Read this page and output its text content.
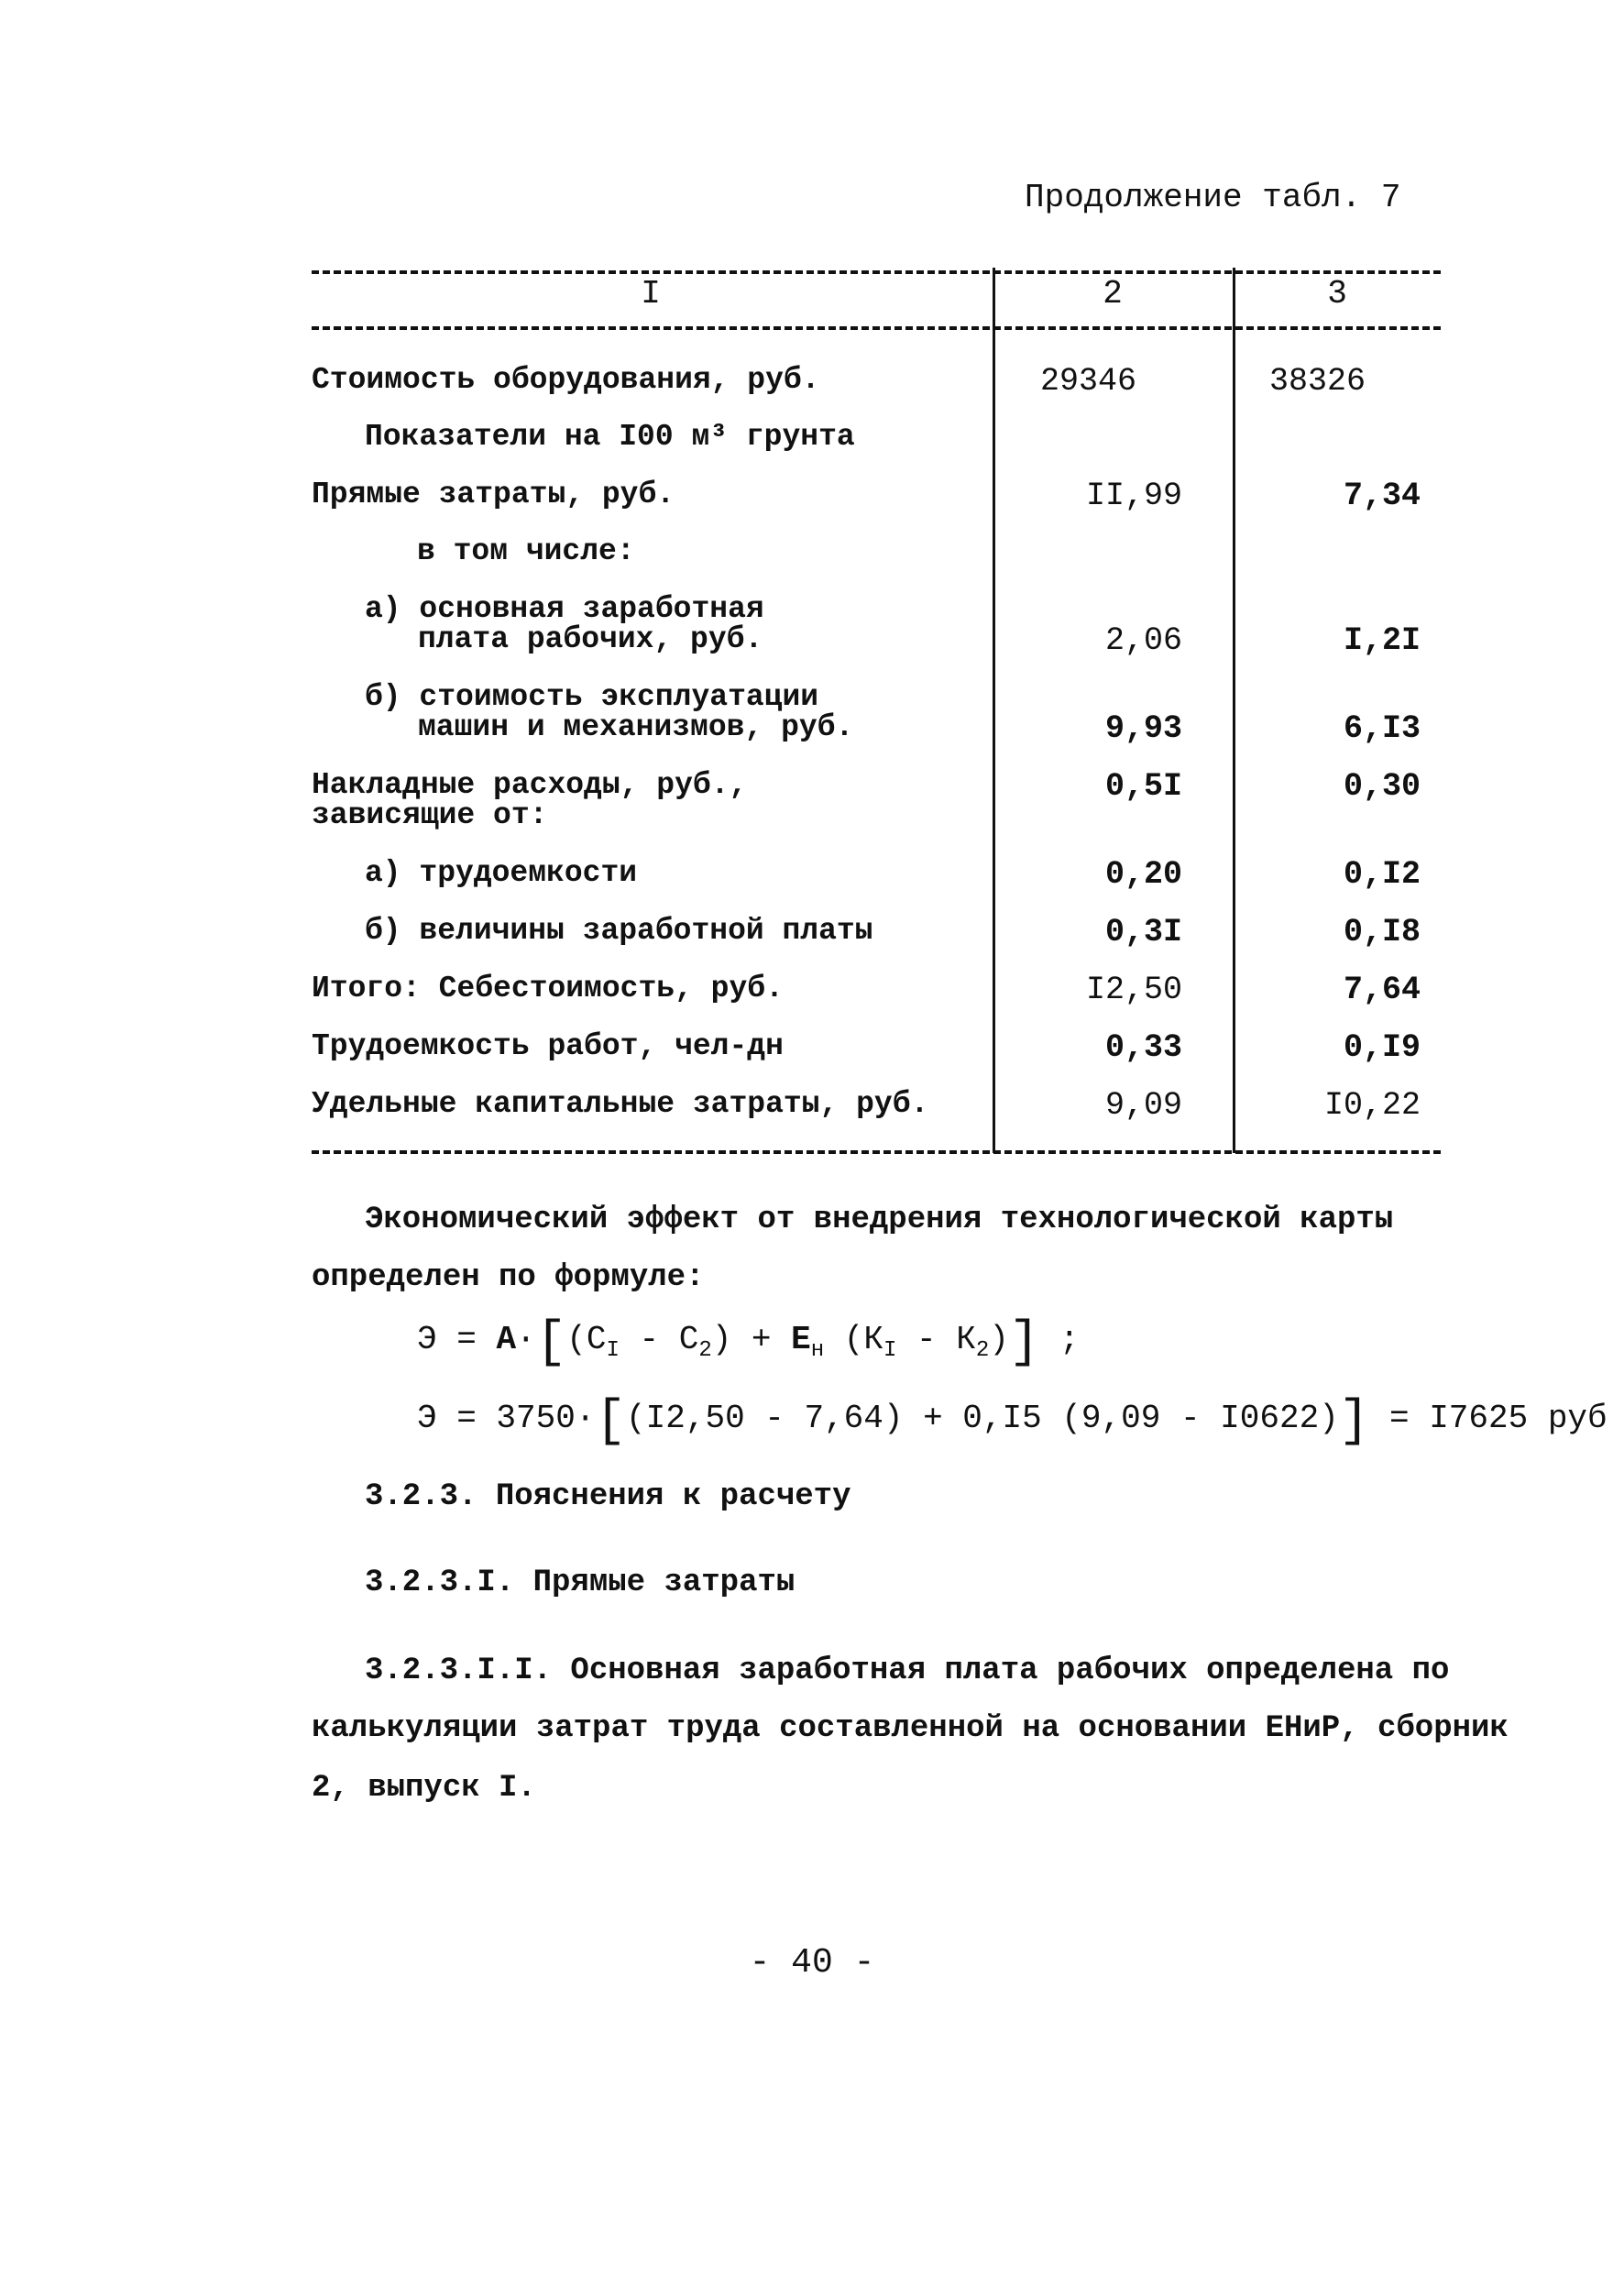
Продолжение табл. 7
I	2	3
Стоимость оборудования, руб.	29346	38326
Показатели на I00 м³ грунта
Прямые затраты, руб.	II,99	7,34
в том числе:
а) основная заработная
плата рабочих, руб.	2,06	I,2I
б) стоимость эксплуатации
машин и механизмов, руб.	9,93	6,I3
Накладные расходы, руб.,
зависящие от:
0,5I	0,30
а) трудоемкости	0,20	0,I2
б) величины заработной платы	0,3I	0,I8
Итого: Себестоимость, руб.	I2,50	7,64
Трудоемкость работ, чел-дн	0,33	0,I9
Удельные капитальные затраты, руб.	9,09	I0,22
Экономический эффект от внедрения технологической карты
определен по формуле:
$Э = А\cdot[(С_I - С_2) + Е_н$ $(К_I - К_2)$] ;
Э = 3750·[(I2,50 - 7,64) + 0,I5 (9,09 - I0622)] = I7625 руб
3.2.3. Пояснения к расчету
3.2.3.I. Прямые затраты
3.2.3.I.I. Основная заработная плата рабочих определена по
калькуляции затрат труда составленной на основании ЕНиР, сборник
2, выпуск I.
- 40 -
